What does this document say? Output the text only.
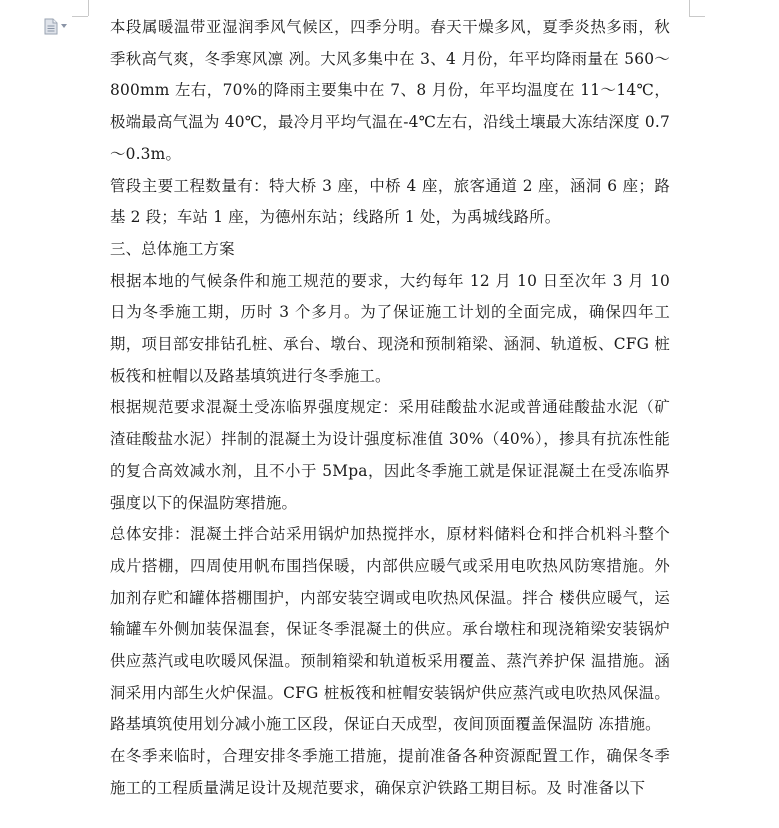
本段属暖温带亚湿润季风气候区，四季分明。春天干燥多风，夏季炎热多雨，秋季秋高气爽，冬季寒风凛 冽。大风多集中在 3、4 月份，年平均降雨量在 560～800mm 左右，70%的降雨主要集中在 7、8 月份，年平均温度在 11～14℃，极端最高气温为 40℃，最冷月平均气温在-4℃左右，沿线土壤最大冻结深度 0.7～0.3m。

管段主要工程数量有：特大桥 3 座，中桥 4 座，旅客通道 2 座，涵洞 6 座；路基 2 段；车站 1 座，为德州东站；线路所 1 处，为禹城线路所。

三、总体施工方案

根据本地的气候条件和施工规范的要求，大约每年 12 月 10 日至次年 3 月 10 日为冬季施工期，历时 3 个多月。为了保证施工计划的全面完成，确保四年工期，项目部安排钻孔桩、承台、墩台、现浇和预制箱梁、涵洞、轨道板、CFG 桩板筏和桩帽以及路基填筑进行冬季施工。

根据规范要求混凝土受冻临界强度规定：采用硅酸盐水泥或普通硅酸盐水泥（矿渣硅酸盐水泥）拌制的混凝土为设计强度标准值 30%（40%），掺具有抗冻性能的复合高效减水剂，且不小于 5Mpa，因此冬季施工就是保证混凝土在受冻临界强度以下的保温防寒措施。

总体安排：混凝土拌合站采用锅炉加热搅拌水，原材料储料仓和拌合机料斗整个成片搭棚，四周使用帆布围挡保暖，内部供应暖气或采用电吹热风防寒措施。外加剂存贮和罐体搭棚围护，内部安装空调或电吹热风保温。拌合 楼供应暖气，运输罐车外侧加装保温套，保证冬季混凝土的供应。承台墩柱和现浇箱梁安装锅炉供应蒸汽或电吹暖风保温。预制箱梁和轨道板采用覆盖、蒸汽养护保 温措施。涵洞采用内部生火炉保温。CFG 桩板筏和桩帽安装锅炉供应蒸汽或电吹热风保温。路基填筑使用划分减小施工区段，保证白天成型，夜间顶面覆盖保温防 冻措施。

在冬季来临时，合理安排冬季施工措施，提前准备各种资源配置工作，确保冬季施工的工程质量满足设计及规范要求，确保京沪铁路工期目标。及 时准备以下
